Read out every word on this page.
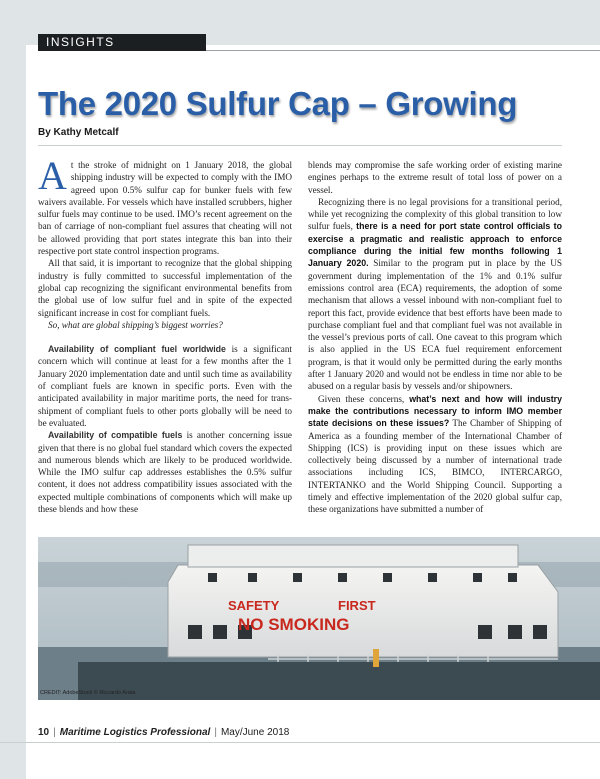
INSIGHTS
The 2020 Sulfur Cap – Growing

By Kathy Metcalf

At the stroke of midnight on 1 January 2018, the global shipping industry will be expected to comply with the IMO agreed upon 0.5% sulfur cap for bunker fuels with few waivers available. For vessels which have installed scrubbers, higher sulfur fuels may continue to be used. IMO’s recent agreement on the ban of carriage of non-compliant fuel assures that cheating will not be allowed providing that port states integrate this ban into their respective port state control inspection programs.

All that said, it is important to recognize that the global shipping industry is fully committed to successful implementation of the global cap recognizing the significant environmental benefits from the global use of low sulfur fuel and in spite of the expected significant increase in cost for compliant fuels.

So, what are global shipping’s biggest worries?

Availability of compliant fuel worldwide is a significant concern which will continue at least for a few months after the 1 January 2020 implementation date and until such time as availability of compliant fuels are known in specific ports. Even with the anticipated availability in major maritime ports, the need for trans-shipment of compliant fuels to other ports globally will be need to be evaluated.

Availability of compatible fuels is another concerning issue given that there is no global fuel standard which covers the expected and numerous blends which are likely to be produced worldwide. While the IMO sulfur cap addresses establishes the 0.5% sulfur content, it does not address compatibility issues associated with the expected multiple combinations of components which will make up these blends and how these

blends may compromise the safe working order of existing marine engines perhaps to the extreme result of total loss of power on a vessel.

Recognizing there is no legal provisions for a transitional period, while yet recognizing the complexity of this global transition to low sulfur fuels, there is a need for port state control officials to exercise a pragmatic and realistic approach to enforce compliance during the initial few months following 1 January 2020. Similar to the program put in place by the US government during implementation of the 1% and 0.1% sulfur emissions control area (ECA) requirements, the adoption of some mechanism that allows a vessel inbound with non-compliant fuel to report this fact, provide evidence that best efforts have been made to purchase compliant fuel and that compliant fuel was not available in the vessel’s previous ports of call. One caveat to this program which is also applied in the US ECA fuel requirement enforcement program, is that it would only be permitted during the early months after 1 January 2020 and would not be endless in time nor able to be abused on a regular basis by vessels and/or shipowners.

Given these concerns, what’s next and how will industry make the contributions necessary to inform IMO member state decisions on these issues? The Chamber of Shipping of America as a founding member of the International Chamber of Shipping (ICS) is providing input on these issues which are collectively being discussed by a number of international trade associations including ICS, BIMCO, INTERCARGO, INTERTANKO and the World Shipping Council. Supporting a timely and effective implementation of the 2020 global sulfur cap, these organizations have submitted a number of

SAFETY	FIRST
NO SMOKING
CREDIT: AdobeStock © Riccardo Arata
10 | Maritime Logistics Professional | May/June 2018
